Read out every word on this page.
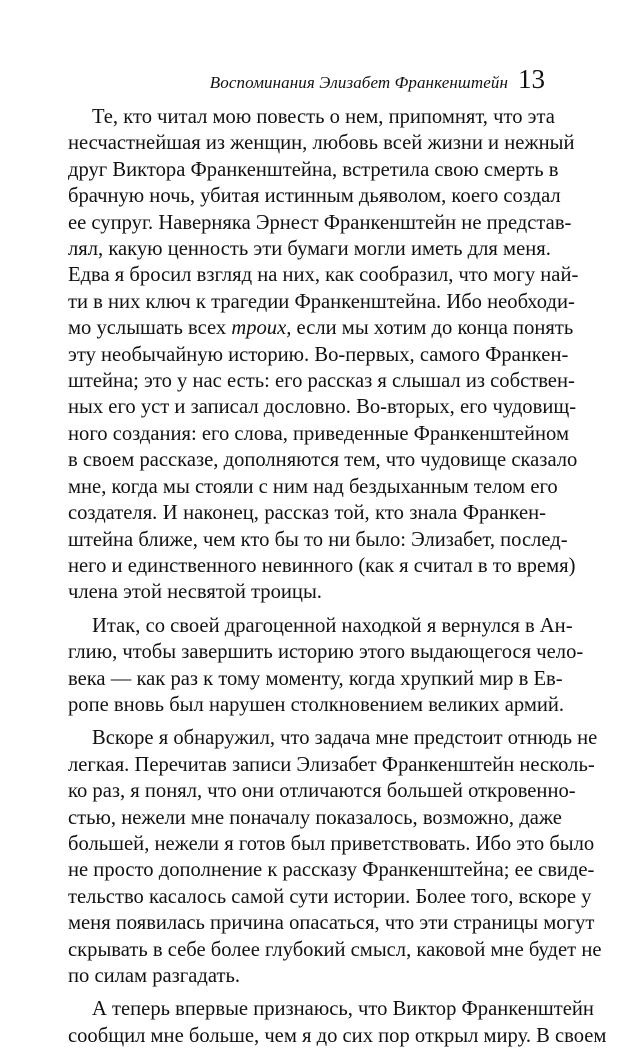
Воспоминания Элизабет Франкенштейн 13
Те, кто читал мою повесть о нем, припомнят, что эта
несчастнейшая из женщин, любовь всей жизни и нежный
друг Виктора Франкенштейна, встретила свою смерть в
брачную ночь, убитая истинным дьяволом, коего создал
ее супруг. Наверняка Эрнест Франкенштейн не представ-
лял, какую ценность эти бумаги могли иметь для меня.
Едва я бросил взгляд на них, как сообразил, что могу най-
ти в них ключ к трагедии Франкенштейна. Ибо необходи-
мо услышать всех троих, если мы хотим до конца понять
эту необычайную историю. Во-первых, самого Франкен-
штейна; это у нас есть: его рассказ я слышал из собствен-
ных его уст и записал дословно. Во-вторых, его чудовищ-
ного создания: его слова, приведенные Франкенштейном
в своем рассказе, дополняются тем, что чудовище сказало
мне, когда мы стояли с ним над бездыханным телом его
создателя. И наконец, рассказ той, кто знала Франкен-
штейна ближе, чем кто бы то ни было: Элизабет, послед-
него и единственного невинного (как я считал в то время)
члена этой несвятой троицы.
Итак, со своей драгоценной находкой я вернулся в Ан-
глию, чтобы завершить историю этого выдающегося чело-
века — как раз к тому моменту, когда хрупкий мир в Ев-
ропе вновь был нарушен столкновением великих армий.
Вскоре я обнаружил, что задача мне предстоит отнюдь не
легкая. Перечитав записи Элизабет Франкенштейн несколь-
ко раз, я понял, что они отличаются большей откровенно-
стью, нежели мне поначалу показалось, возможно, даже
большей, нежели я готов был приветствовать. Ибо это было
не просто дополнение к рассказу Франкенштейна; ее свиде-
тельство касалось самой сути истории. Более того, вскоре у
меня появилась причина опасаться, что эти страницы могут
скрывать в себе более глубокий смысл, каковой мне будет не
по силам разгадать.
А теперь впервые признаюсь, что Виктор Франкенштейн
сообщил мне больше, чем я до сих пор открыл миру. В своем
